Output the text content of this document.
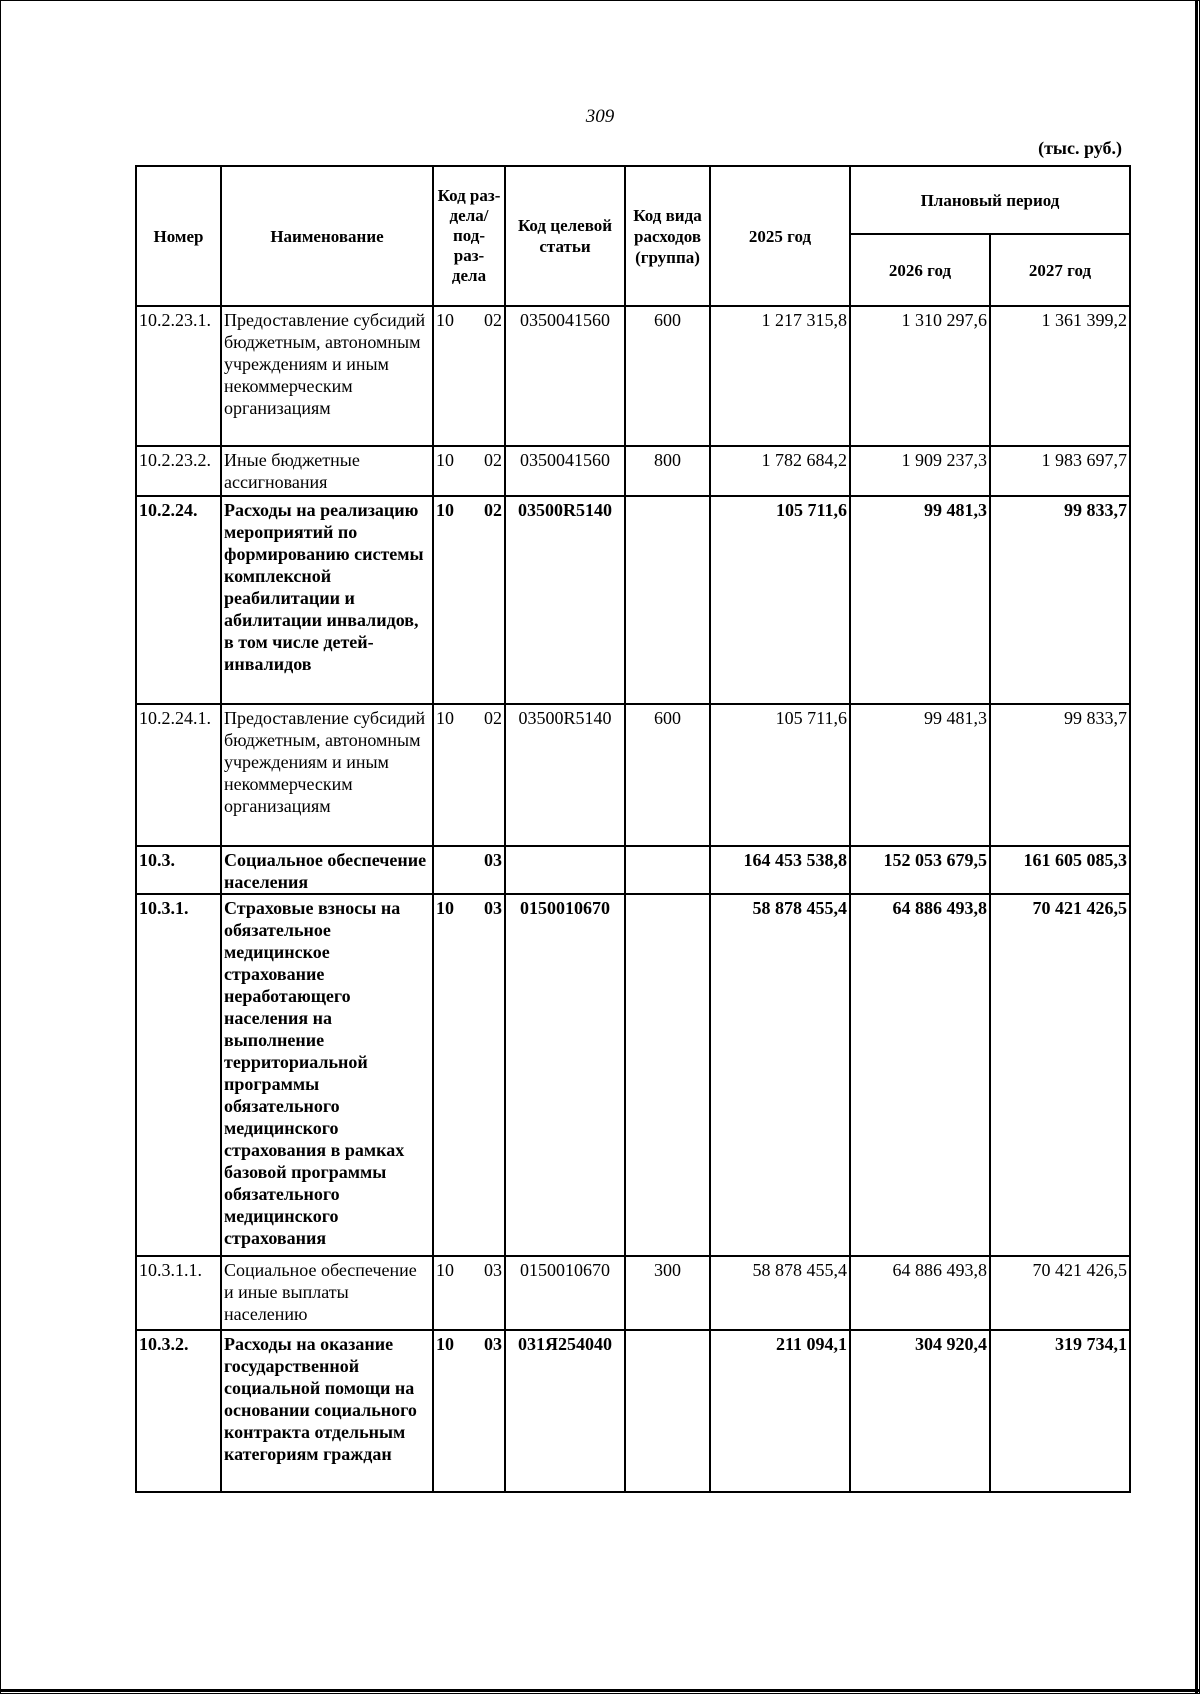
309
(тыс. руб.)
Номер	Наименование	Код раз- дела/ под- раз- дела	Код целевой статьи	Код вида расходов (группа)	2025 год	Плановый период	
						2026 год	2027 год
10.2.23.1.	Предоставление субсидий бюджетным, автономным учреждениям и иным некоммерческим организациям	10 02	0350041560	600	1 217 315,8	1 310 297,6	1 361 399,2
10.2.23.2.	Иные бюджетные ассигнования	10 02	0350041560	800	1 782 684,2	1 909 237,3	1 983 697,7
10.2.24.	Расходы на реализацию мероприятий по формированию системы комплексной реабилитации и абилитации инвалидов, в том числе детей-инвалидов	10 02	03500R5140		105 711,6	99 481,3	99 833,7
10.2.24.1.	Предоставление субсидий бюджетным, автономным учреждениям и иным некоммерческим организациям	10 02	03500R5140	600	105 711,6	99 481,3	99 833,7
10.3.	Социальное обеспечение населения	03			164 453 538,8	152 053 679,5	161 605 085,3
10.3.1.	Страховые взносы на обязательное медицинское страхование неработающего населения на выполнение территориальной программы обязательного медицинского страхования в рамках базовой программы обязательного медицинского страхования	10 03	0150010670		58 878 455,4	64 886 493,8	70 421 426,5
10.3.1.1.	Социальное обеспечение и иные выплаты населению	10 03	0150010670	300	58 878 455,4	64 886 493,8	70 421 426,5
10.3.2.	Расходы на оказание государственной социальной помощи на основании социального контракта отдельным категориям граждан	10 03	031Я254040		211 094,1	304 920,4	319 734,1
